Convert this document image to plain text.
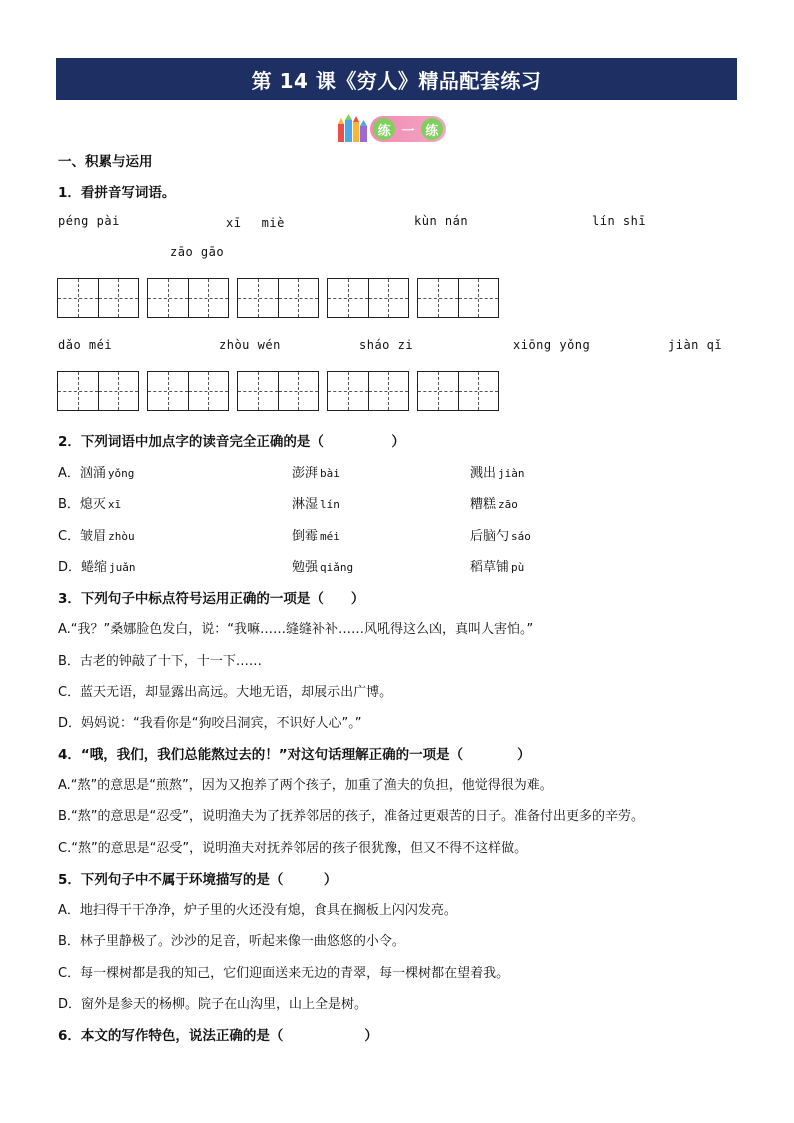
第 14 课《穷人》精品配套练习
练 一 练
一、积累与运用
1．看拼音写词语。
péng pài	xī　 miè	kùn nán	lín shī
zāo gāo
dǎo méi	zhòu wén	sháo zi	xiōng yǒng	jiàn qǐ
2．下列词语中加点字的读音完全正确的是（　　　　　）
A．汹涌 yǒng	澎湃 bài	溅出 jiàn
B．熄灭 xī	淋湿 lín	糟糕 zāo
C．皱眉 zhòu	倒霉 méi	后脑勺 sáo
D．蜷缩 juǎn	勉强 qiǎng	稻草铺 pù
3．下列句子中标点符号运用正确的一项是（　　）
A.“我？”桑娜脸色发白，说：“我嘛……缝缝补补……风吼得这么凶，真叫人害怕。”
B．古老的钟敲了十下，十一下……
C．蓝天无语，却显露出高远。大地无语，却展示出广博。
D．妈妈说：“我看你是“狗咬吕洞宾，不识好人心”。”
4．“哦，我们，我们总能熬过去的！”对这句话理解正确的一项是（　　　　）
A.“熬”的意思是“煎熬”，因为又抱养了两个孩子，加重了渔夫的负担，他觉得很为难。
B.“熬”的意思是“忍受”，说明渔夫为了抚养邻居的孩子，准备过更艰苦的日子。准备付出更多的辛劳。
C.“熬”的意思是“忍受”，说明渔夫对抚养邻居的孩子很犹豫，但又不得不这样做。
5．下列句子中不属于环境描写的是（　　　）
A．地扫得干干净净，炉子里的火还没有熄，食具在搁板上闪闪发亮。
B．林子里静极了。沙沙的足音，听起来像一曲悠悠的小令。
C．每一棵树都是我的知己，它们迎面送来无边的青翠，每一棵树都在望着我。
D．窗外是参天的杨柳。院子在山沟里，山上全是树。
6．本文的写作特色，说法正确的是（　　　　　　）
